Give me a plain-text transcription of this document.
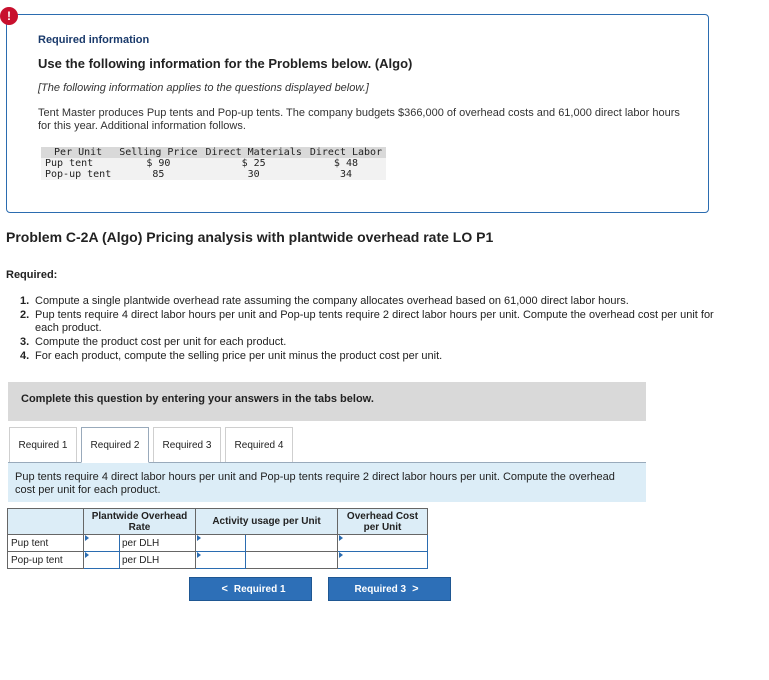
!
Required information
Use the following information for the Problems below. (Algo)
[The following information applies to the questions displayed below.]
Tent Master produces Pup tents and Pop-up tents. The company budgets $366,000 of overhead costs and 61,000 direct labor hours for this year. Additional information follows.
Per Unit	Selling Price	Direct Materials	Direct Labor
Pup tent	$ 90	$ 25	$ 48
Pop-up tent	85	30	34
Problem C-2A (Algo) Pricing analysis with plantwide overhead rate LO P1
Required:
1. Compute a single plantwide overhead rate assuming the company allocates overhead based on 61,000 direct labor hours.
2. Pup tents require 4 direct labor hours per unit and Pop-up tents require 2 direct labor hours per unit. Compute the overhead cost per unit for each product.
3. Compute the product cost per unit for each product.
4. For each product, compute the selling price per unit minus the product cost per unit.
Complete this question by entering your answers in the tabs below.
Required 1	Required 2	Required 3	Required 4
Pup tents require 4 direct labor hours per unit and Pop-up tents require 2 direct labor hours per unit. Compute the overhead cost per unit for each product.
	Plantwide Overhead Rate		Activity usage per Unit		Overhead Cost per Unit
Pup tent		per DLH	

Pop-up tent		per DLH	

< Required 1	Required 3 >
